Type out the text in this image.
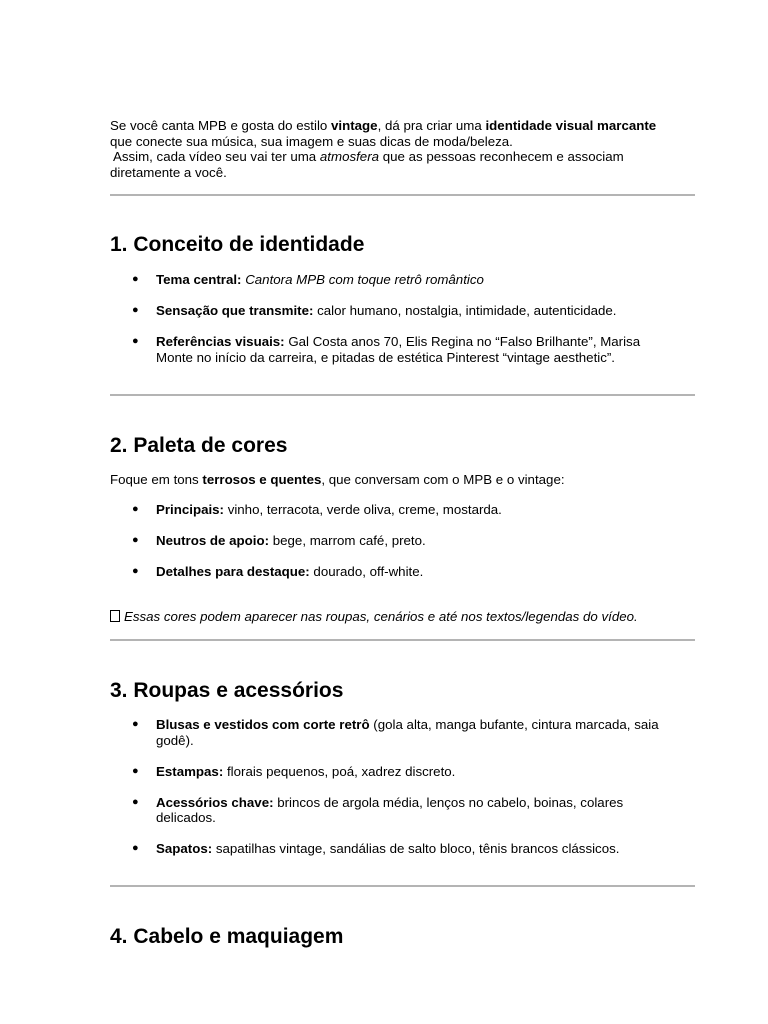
Se você canta MPB e gosta do estilo vintage, dá pra criar uma identidade visual marcante

que conecte sua música, sua imagem e suas dicas de moda/beleza.

Assim, cada vídeo seu vai ter uma atmosfera que as pessoas reconhecem e associam

diretamente a você.

1. Conceito de identidade
● Tema central: Cantora MPB com toque retrô romântico
● Sensação que transmite: calor humano, nostalgia, intimidade, autenticidade.
● Referências visuais: Gal Costa anos 70, Elis Regina no “Falso Brilhante”, Marisa
Monte no início da carreira, e pitadas de estética Pinterest “vintage aesthetic”.
2. Paleta de cores

Foque em tons terrosos e quentes, que conversam com o MPB e o vintage:

● Principais: vinho, terracota, verde oliva, creme, mostarda.
● Neutros de apoio: bege, marrom café, preto.
● Detalhes para destaque: dourado, off-white.

Essas cores podem aparecer nas roupas, cenários e até nos textos/legendas do vídeo.

3. Roupas e acessórios
● Blusas e vestidos com corte retrô (gola alta, manga bufante, cintura marcada, saia
godê).
● Estampas: florais pequenos, poá, xadrez discreto.
● Acessórios chave: brincos de argola média, lenços no cabelo, boinas, colares
delicados.
● Sapatos: sapatilhas vintage, sandálias de salto bloco, tênis brancos clássicos.
4. Cabelo e maquiagem
